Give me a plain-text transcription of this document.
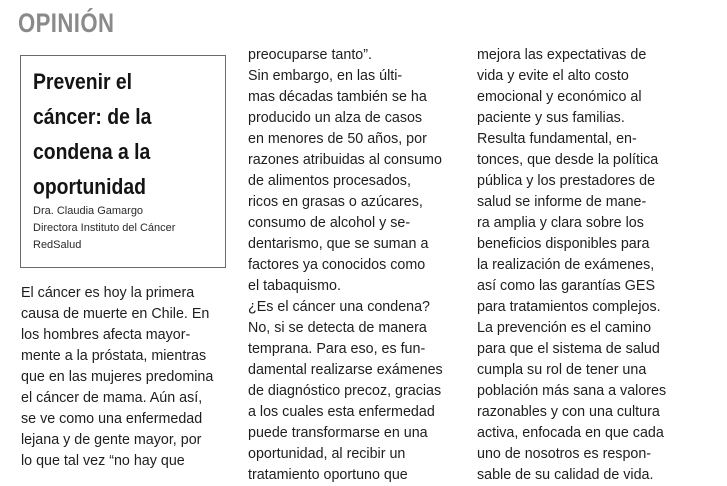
OPINIÓN
Prevenir el
cáncer: de la
condena a la
oportunidad
Dra. Claudia Gamargo
Directora Instituto del Cáncer
RedSalud
El cáncer es hoy la primera
causa de muerte en Chile. En
los hombres afecta mayor-
mente a la próstata, mientras
que en las mujeres predomina
el cáncer de mama. Aún así,
se ve como una enfermedad
lejana y de gente mayor, por
lo que tal vez “no hay que
preocuparse tanto”.
Sin embargo, en las últi-
mas décadas también se ha
producido un alza de casos
en menores de 50 años, por
razones atribuidas al consumo
de alimentos procesados,
ricos en grasas o azúcares,
consumo de alcohol y se-
dentarismo, que se suman a
factores ya conocidos como
el tabaquismo.
¿Es el cáncer una condena?
No, si se detecta de manera
temprana. Para eso, es fun-
damental realizarse exámenes
de diagnóstico precoz, gracias
a los cuales esta enfermedad
puede transformarse en una
oportunidad, al recibir un
tratamiento oportuno que
mejora las expectativas de
vida y evite el alto costo
emocional y económico al
paciente y sus familias.
Resulta fundamental, en-
tonces, que desde la política
pública y los prestadores de
salud se informe de mane-
ra amplia y clara sobre los
beneficios disponibles para
la realización de exámenes,
así como las garantías GES
para tratamientos complejos.
La prevención es el camino
para que el sistema de salud
cumpla su rol de tener una
población más sana a valores
razonables y con una cultura
activa, enfocada en que cada
uno de nosotros es respon-
sable de su calidad de vida.
